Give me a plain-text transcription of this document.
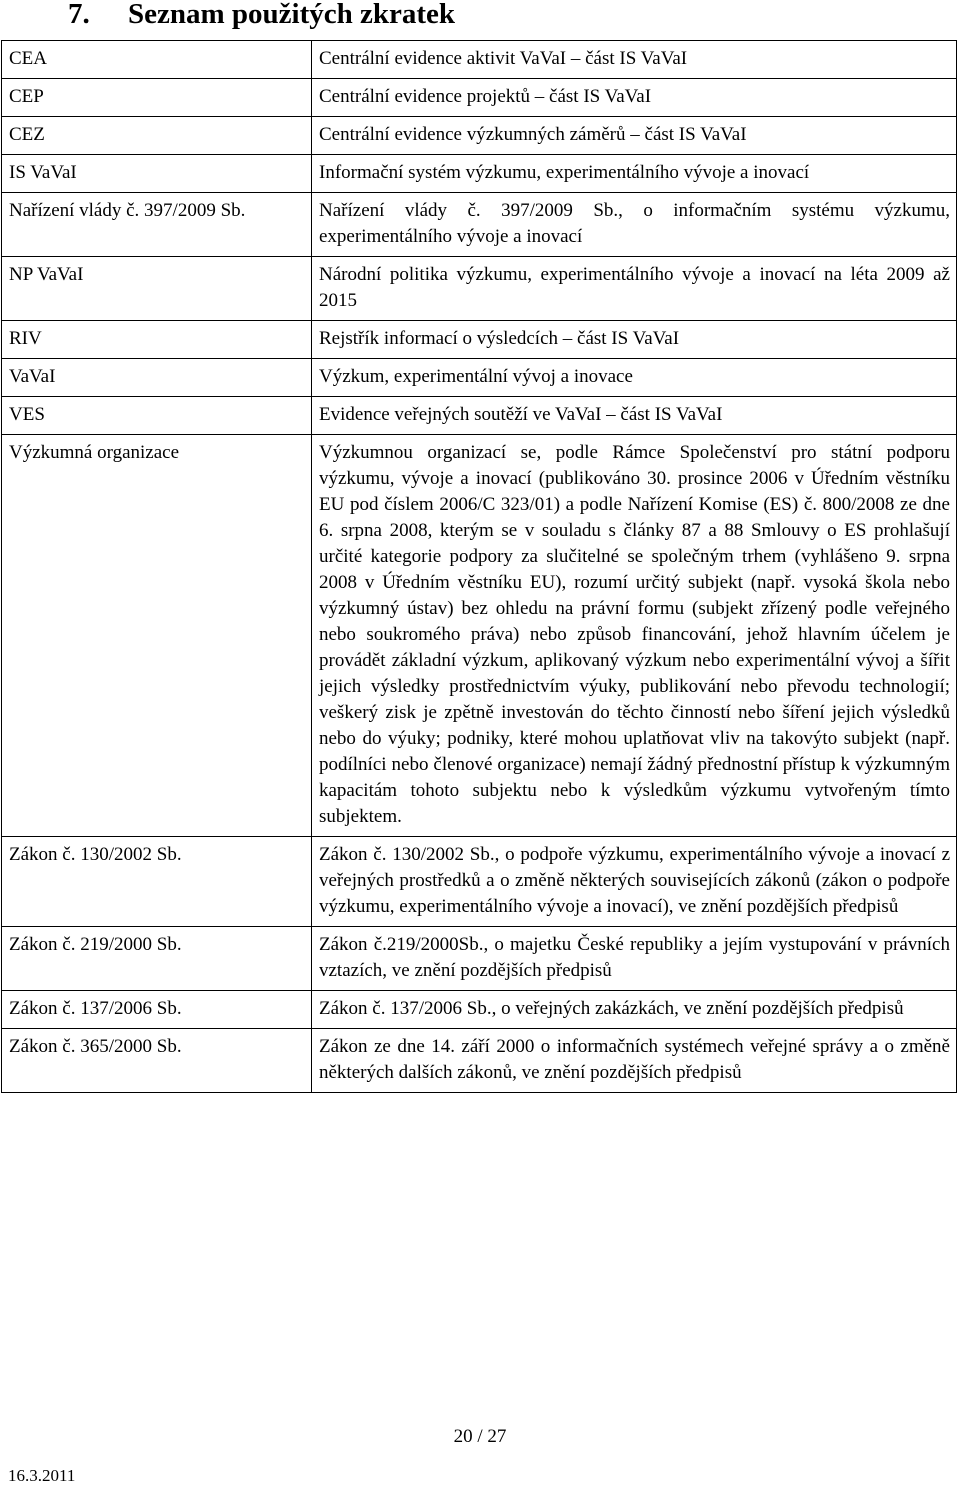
7. Seznam použitých zkratek
CEA	Centrální evidence aktivit VaVaI – část IS VaVaI
CEP	Centrální evidence projektů – část IS VaVaI
CEZ	Centrální evidence výzkumných záměrů – část IS VaVaI
IS VaVaI	Informační systém výzkumu, experimentálního vývoje a inovací
Nařízení vlády č. 397/2009 Sb.	Nařízení vlády č. 397/2009 Sb., o informačním systému výzkumu, experimentálního vývoje a inovací
NP VaVaI	Národní politika výzkumu, experimentálního vývoje a inovací na léta 2009 až 2015
RIV	Rejstřík informací o výsledcích – část IS VaVaI
VaVaI	Výzkum, experimentální vývoj a inovace
VES	Evidence veřejných soutěží ve VaVaI – část IS VaVaI
Výzkumná organizace	Výzkumnou organizací se, podle Rámce Společenství pro státní podporu výzkumu, vývoje a inovací (publikováno 30. prosince 2006 v Úředním věstníku EU pod číslem 2006/C 323/01) a podle Nařízení Komise (ES) č. 800/2008 ze dne 6. srpna 2008, kterým se v souladu s články 87 a 88 Smlouvy o ES prohlašují určité kategorie podpory za slučitelné se společným trhem (vyhlášeno 9. srpna 2008 v Úředním věstníku EU), rozumí určitý subjekt (např. vysoká škola nebo výzkumný ústav) bez ohledu na právní formu (subjekt zřízený podle veřejného nebo soukromého práva) nebo způsob financování, jehož hlavním účelem je provádět základní výzkum, aplikovaný výzkum nebo experimentální vývoj a šířit jejich výsledky prostřednictvím výuky, publikování nebo převodu technologií; veškerý zisk je zpětně investován do těchto činností nebo šíření jejich výsledků nebo do výuky; podniky, které mohou uplatňovat vliv na takovýto subjekt (např. podílníci nebo členové organizace) nemají žádný přednostní přístup k výzkumným kapacitám tohoto subjektu nebo k výsledkům výzkumu vytvořeným tímto subjektem.
Zákon č. 130/2002 Sb.	Zákon č. 130/2002 Sb., o podpoře výzkumu, experimentálního vývoje a inovací z veřejných prostředků a o změně některých souvisejících zákonů (zákon o podpoře výzkumu, experimentálního vývoje a inovací), ve znění pozdějších předpisů
Zákon č. 219/2000 Sb.	Zákon č.219/2000Sb., o majetku České republiky a jejím vystupování v právních vztazích, ve znění pozdějších předpisů
Zákon č. 137/2006 Sb.	Zákon č. 137/2006 Sb., o veřejných zakázkách, ve znění pozdějších předpisů
Zákon č. 365/2000 Sb.	Zákon ze dne 14. září 2000 o informačních systémech veřejné správy a o změně některých dalších zákonů, ve znění pozdějších předpisů
20 / 27
16.3.2011
